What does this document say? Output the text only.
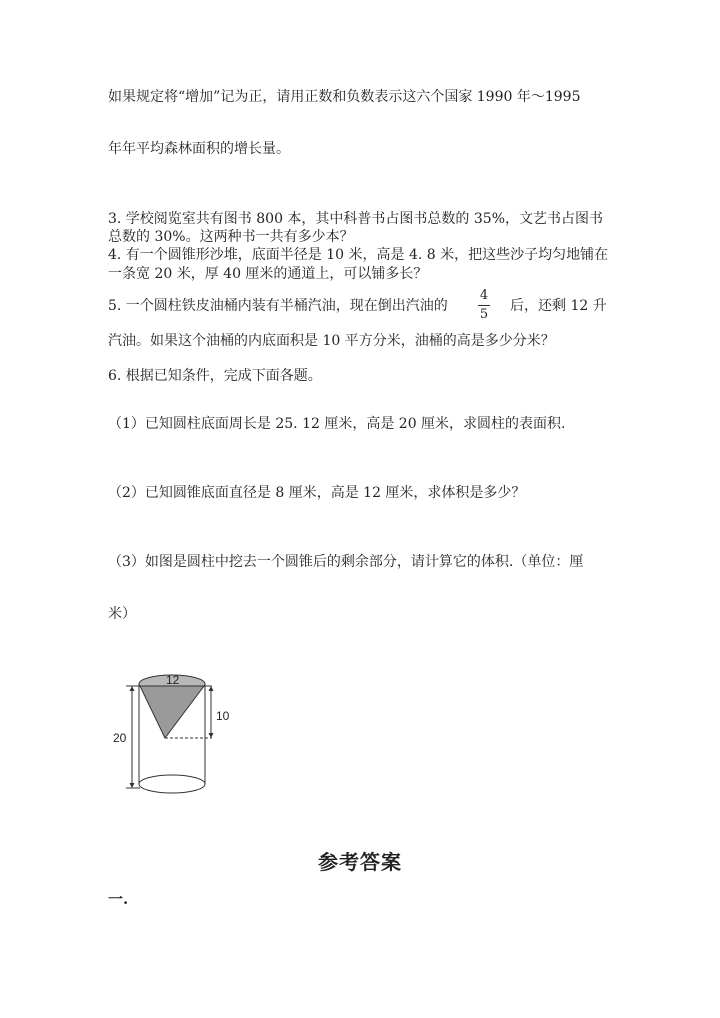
如果规定将“增加”记为正，请用正数和负数表示这六个国家 1990 年～1995
年年平均森林面积的增长量。
3. 学校阅览室共有图书 800 本，其中科普书占图书总数的 35%，文艺书占图书
总数的 30%。这两种书一共有多少本？
4. 有一个圆锥形沙堆，底面半径是 10 米，高是 4. 8 米，把这些沙子均匀地铺在
一条宽 20 米，厚 40 厘米的通道上，可以铺多长？
5. 一个圆柱铁皮油桶内装有半桶汽油，现在倒出汽油的
4
5
后，还剩 12 升
汽油。如果这个油桶的内底面积是 10 平方分米，油桶的高是多少分米？
6. 根据已知条件，完成下面各题。
（1）已知圆柱底面周长是 25. 12 厘米，高是 20 厘米，求圆柱的表面积.
（2）已知圆锥底面直径是 8 厘米，高是 12 厘米，求体积是多少？
（3）如图是圆柱中挖去一个圆锥后的剩余部分，请计算它的体积.（单位：厘
米）
12
10
20
参考答案
一.
